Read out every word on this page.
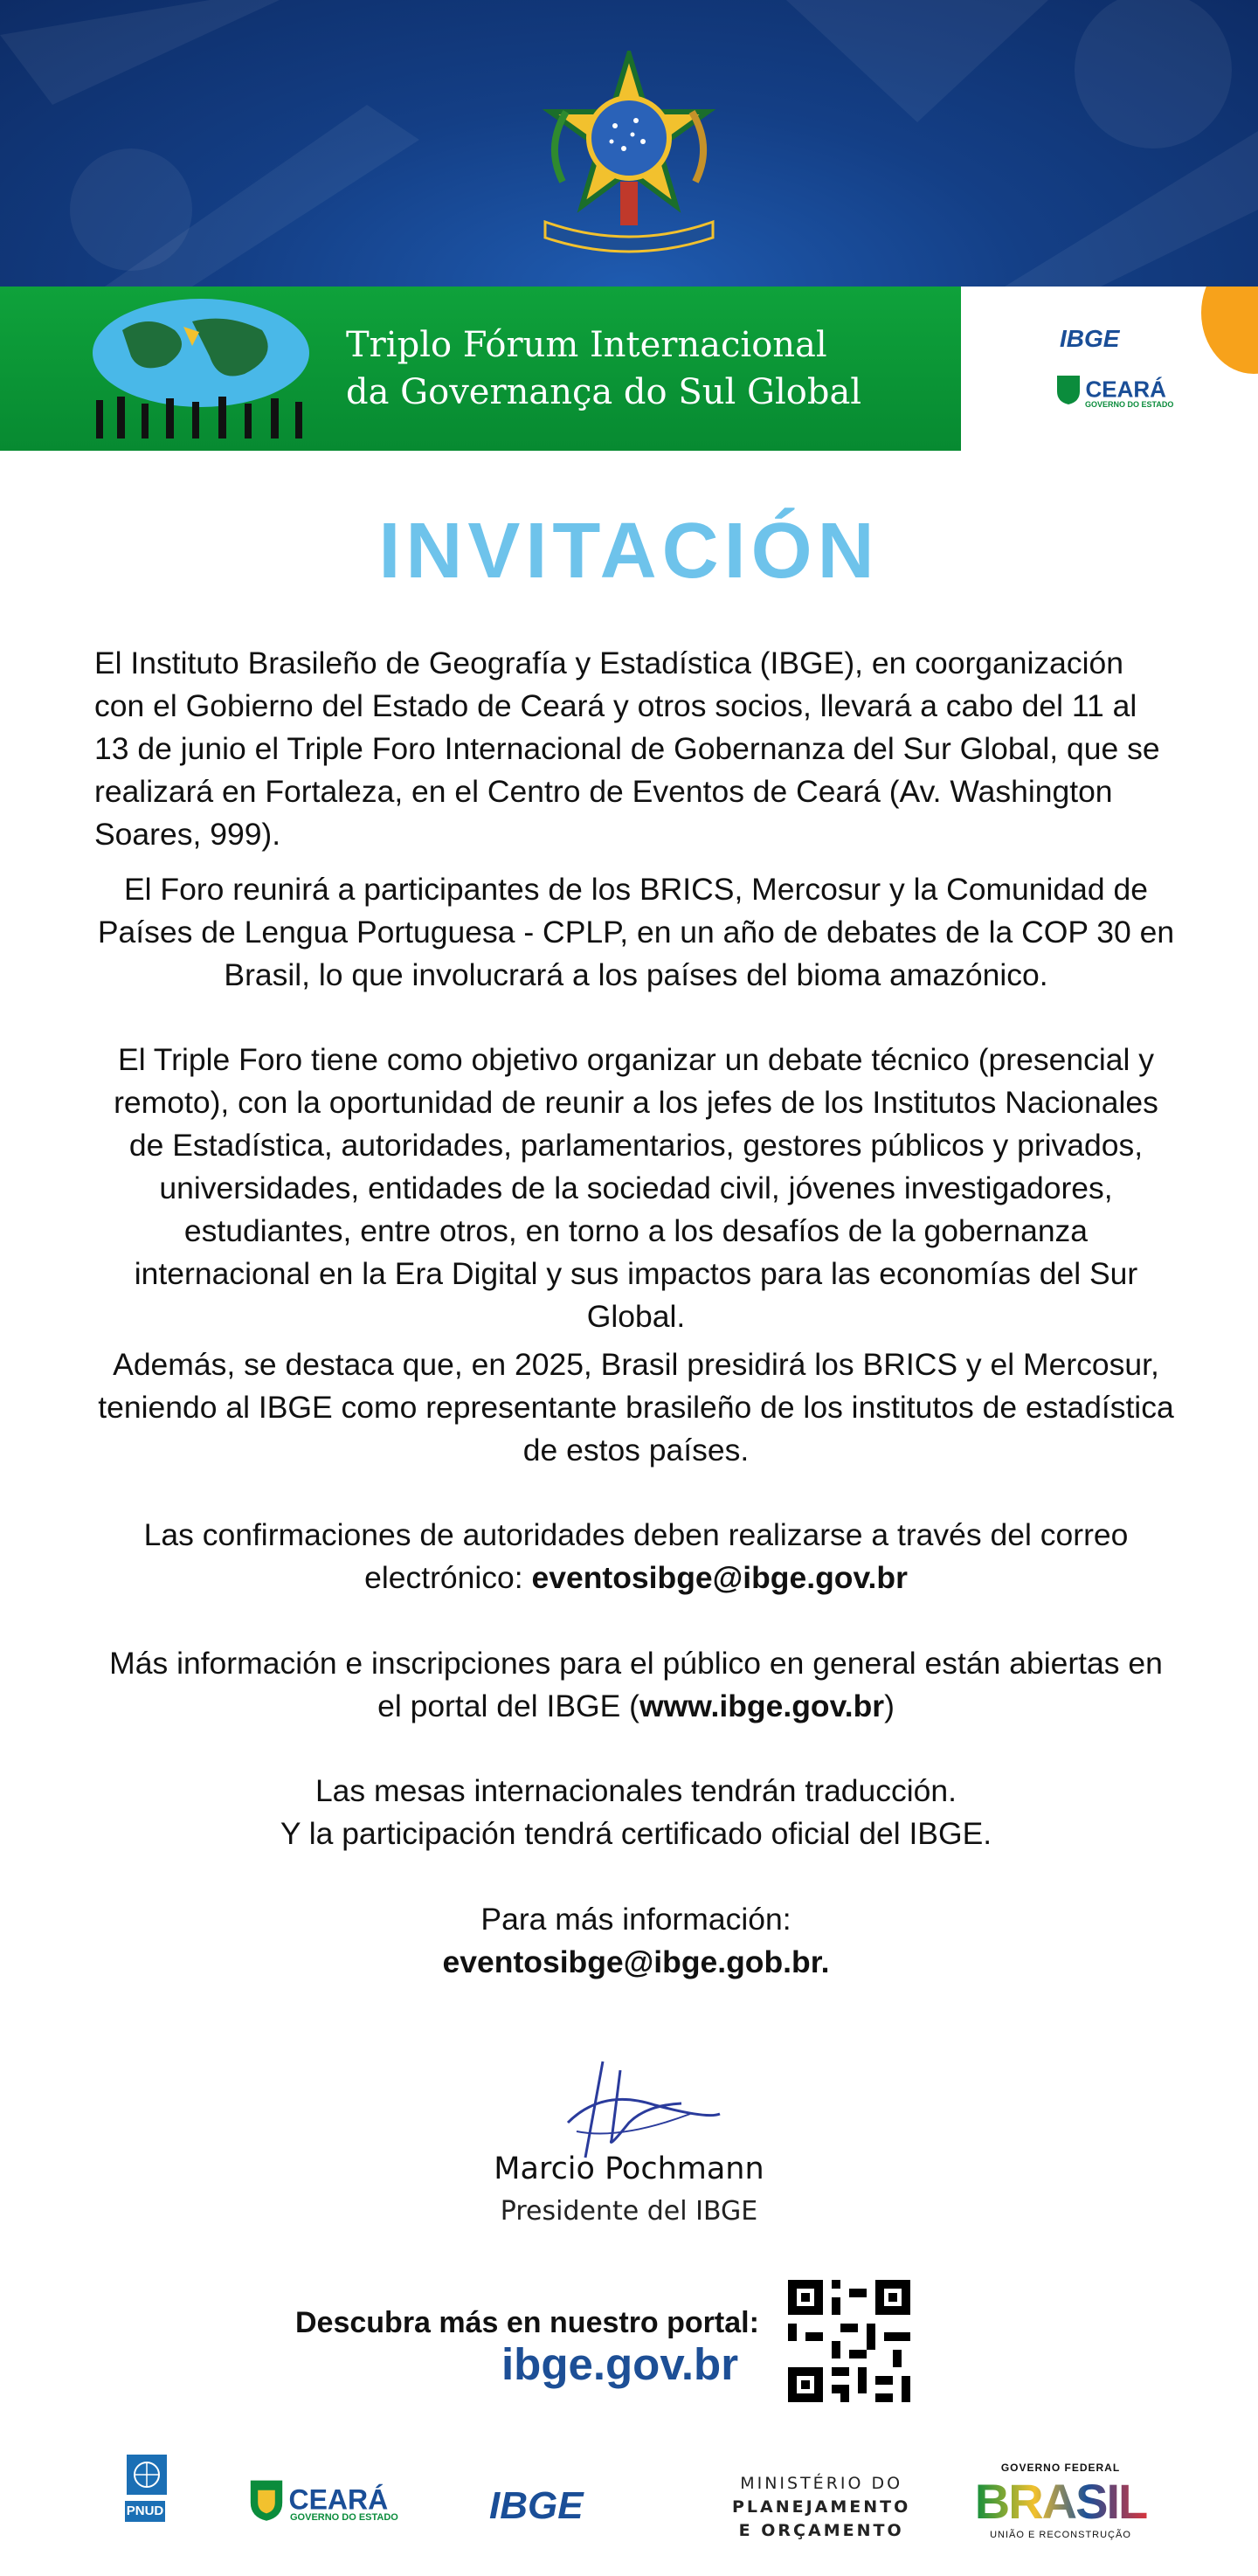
Triplo Fórum Internacional
da Governança do Sul Global
IBGE
CEARÁ
GOVERNO DO ESTADO
INVITACIÓN

El Instituto Brasileño de Geografía y Estadística (IBGE), en coorganización con el Gobierno del Estado de Ceará y otros socios, llevará a cabo del 11 al 13 de junio el Triple Foro Internacional de Gobernanza del Sur Global, que se realizará en Fortaleza, en el Centro de Eventos de Ceará (Av. Washington Soares, 999).

El Foro reunirá a participantes de los BRICS, Mercosur y la Comunidad de Países de Lengua Portuguesa - CPLP, en un año de debates de la COP 30 en Brasil, lo que involucrará a los países del bioma amazónico.

El Triple Foro tiene como objetivo organizar un debate técnico (presencial y remoto), con la oportunidad de reunir a los jefes de los Institutos Nacionales de Estadística, autoridades, parlamentarios, gestores públicos y privados, universidades, entidades de la sociedad civil, jóvenes investigadores, estudiantes, entre otros, en torno a los desafíos de la gobernanza internacional en la Era Digital y sus impactos para las economías del Sur Global.

Además, se destaca que, en 2025, Brasil presidirá los BRICS y el Mercosur, teniendo al IBGE como representante brasileño de los institutos de estadística de estos países.

Las confirmaciones de autoridades deben realizarse a través del correo electrónico: eventosibge@ibge.gov.br

Más información e inscripciones para el público en general están abiertas en el portal del IBGE (www.ibge.gov.br)

Las mesas internacionales tendrán traducción.
Y la participación tendrá certificado oficial del IBGE.

Para más información:
eventosibge@ibge.gob.br.

Marcio Pochmann
Presidente del IBGE
Descubra más en nuestro portal:
ibge.gov.br
PNUD	CEARÁ
GOVERNO DO ESTADO IBGE
MINISTÉRIO DO
PLANEJAMENTO
E ORÇAMENTO
GOVERNO FEDERAL
BRASIL
UNIÃO E RECONSTRUÇÃO
